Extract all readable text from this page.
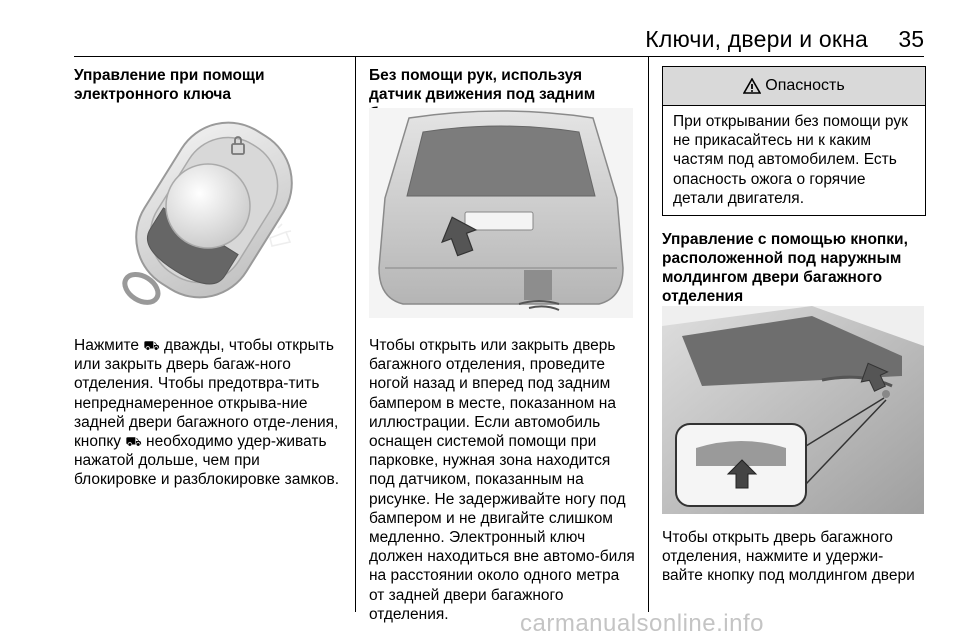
Ключи, двери и окна 35
Управление при помощи электронного ключа

Нажмите ⛟ дважды, чтобы открыть или закрыть дверь багаж-ного отделения. Чтобы предотвра-тить непреднамеренное открыва-ние задней двери багажного отде-ления, кнопку ⛟ необходимо удер-живать нажатой дольше, чем при блокировке и разблокировке замков.

Без помощи рук, используя датчик движения под задним

Чтобы открыть или закрыть дверь багажного отделения, проведите ногой назад и вперед под задним бампером в месте, показанном на иллюстрации. Если автомобиль оснащен системой помощи при парковке, нужная зона находится под датчиком, показанным на рисунке. Не задерживайте ногу под бампером и не двигайте слишком медленно. Электронный ключ должен находиться вне автомо-биля на расстоянии около одного метра от задней двери багажного отделения.

Опасность
При открывании без помощи рук не прикасайтесь ни к каким частям под автомобилем. Есть опасность ожога о горячие детали двигателя.
Управление с помощью кнопки, расположенной под наружным молдингом двери багажного отделения

Чтобы открыть дверь багажного отделения, нажмите и удержи-вайте кнопку под молдингом двери

carmanualsonline.info
